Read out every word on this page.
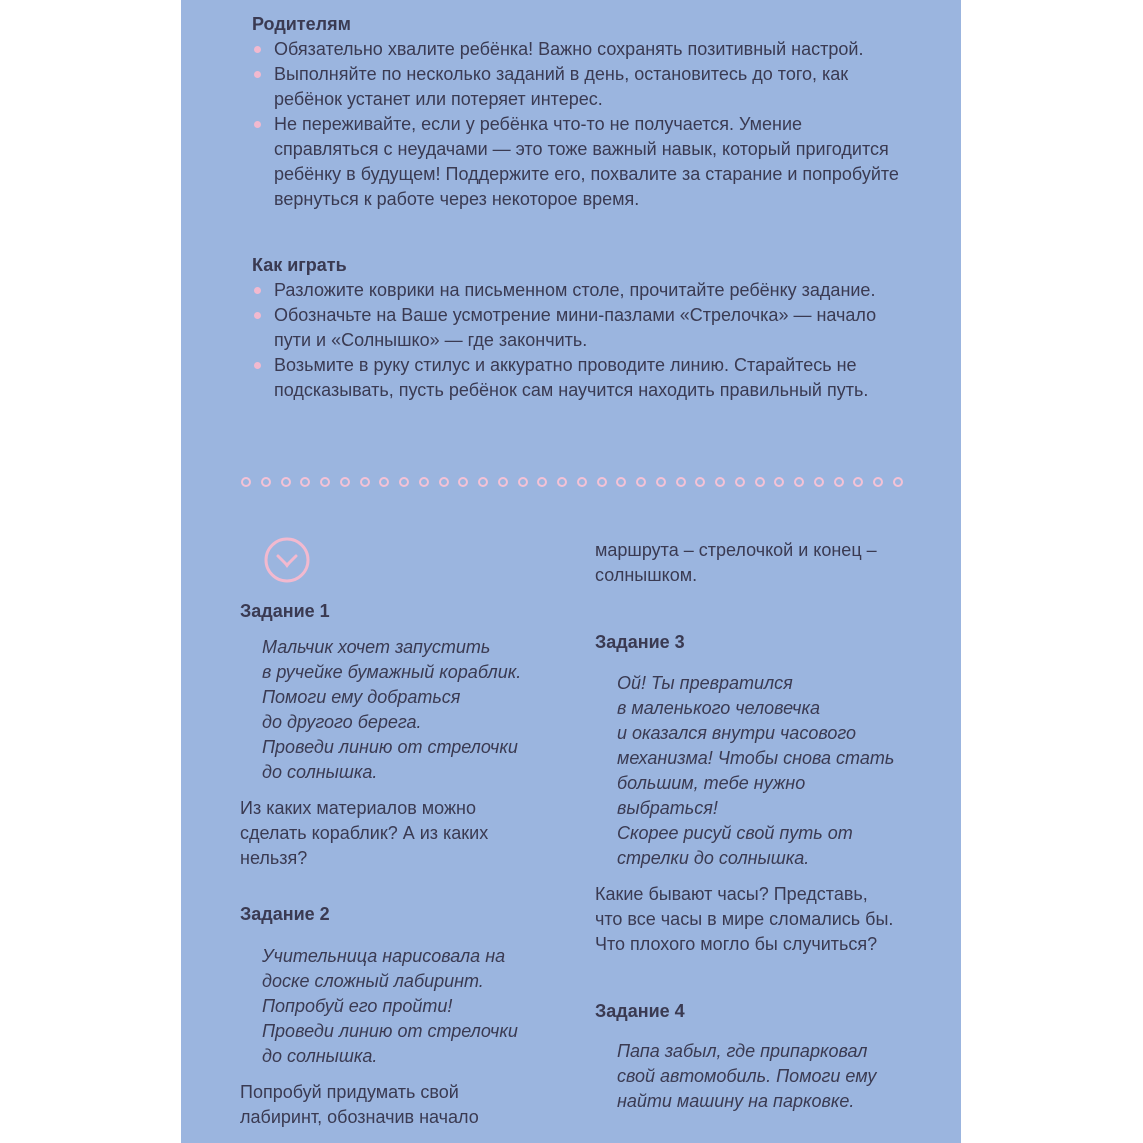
Родителям
Обязательно хвалите ребёнка! Важно сохранять позитивный настрой.
Выполняйте по несколько заданий в день, остановитесь до того, как ребёнок устанет или потеряет интерес.
Не переживайте, если у ребёнка что-то не получается. Умение справляться с неудачами — это тоже важный навык, который пригодится ребёнку в будущем! Поддержите его, похвалите за старание и попробуйте вернуться к работе через некоторое время.
Как играть
Разложите коврики на письменном столе, прочитайте ребёнку задание.
Обозначьте на Ваше усмотрение мини-пазлами «Стрелочка» — начало пути и «Солнышко» — где закончить.
Возьмите в руку стилус и аккуратно проводите линию. Старайтесь не подсказывать, пусть ребёнок сам научится находить правильный путь.
Задание 1
Мальчик хочет запустить
в ручейке бумажный кораблик.
Помоги ему добраться
до другого берега.
Проведи линию от стрелочки
до солнышка.
Из каких материалов можно
сделать кораблик? А из каких
нельзя?
Задание 2
Учительница нарисовала на
доске сложный лабиринт.
Попробуй его пройти!
Проведи линию от стрелочки
до солнышка.
Попробуй придумать свой
лабиринт, обозначив начало
маршрута – стрелочкой и конец –
солнышком.
Задание 3
Ой! Ты превратился
в маленького человечка
и оказался внутри часового
механизма! Чтобы снова стать
большим, тебе нужно
выбраться!
Скорее рисуй свой путь от
стрелки до солнышка.
Какие бывают часы? Представь,
что все часы в мире сломались бы.
Что плохого могло бы случиться?
Задание 4
Папа забыл, где припарковал
свой автомобиль. Помоги ему
найти машину на парковке.
